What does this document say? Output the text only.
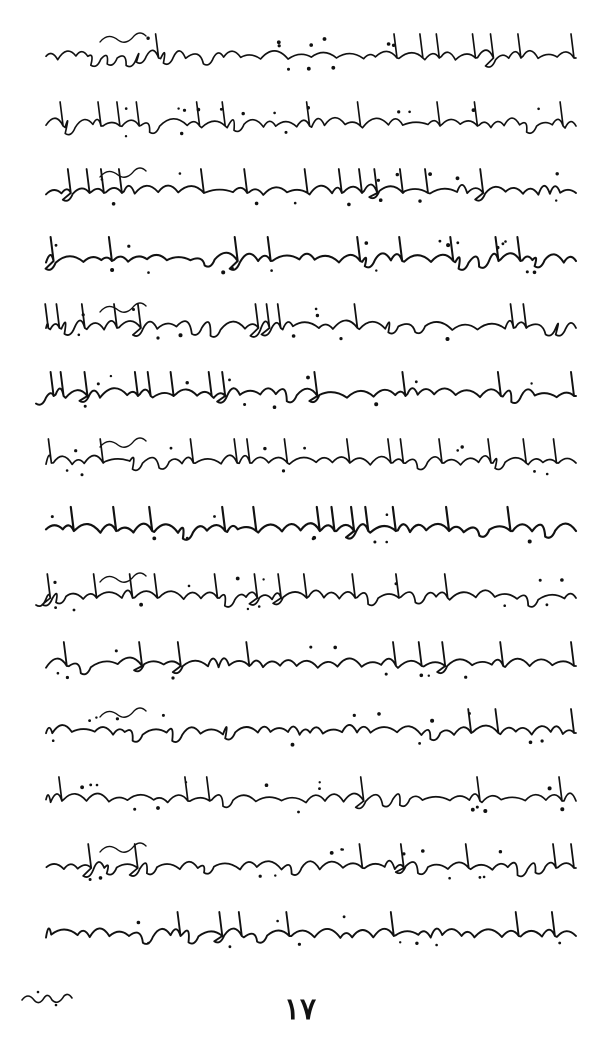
١٧
